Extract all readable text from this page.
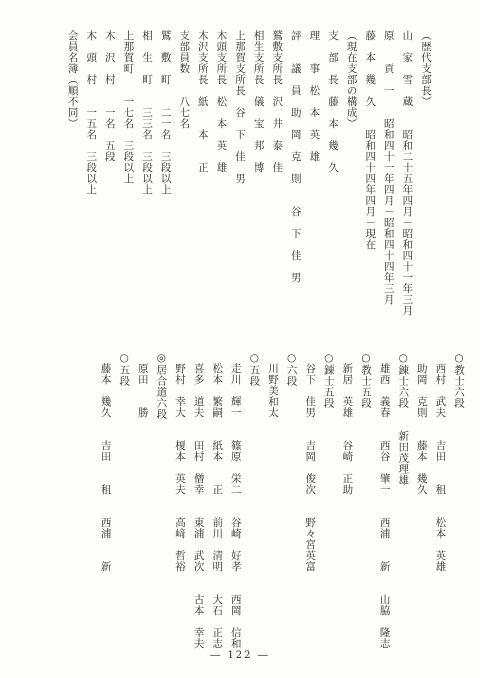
○教士六段
　西村　武夫　　吉田　　租　　松本　英雄
　助岡　克則　　藤本　幾久
○錬士六段　　新田茂理雄
　雄西　義春　　西谷　肇一　　西浦　　新　　山脇　隆志
○教士五段
　新居　英雄　　谷崎　正助
○錬士五段
　谷下　佳男　　吉岡　俊次　　野々宮英富
○六段
　川野美和太
○五段
　走川　輝一　　篠原　栄二　　谷崎　好孝　　西岡　信和
　松本　繁嗣　　紙本　　正　　前川　清明　　大石　正志
　喜多　道夫　　田村　僧幸　　東浦　武次　　古本　幸夫
　野村　幸大　　榎本　英夫　　高﨑　哲裕
◎居合道六段
　原田　　勝
○五段
　藤本　幾久　　吉田　　租　　西浦　　新
（歴代支部長）
山　家　雪　蔵　　昭和二十五年四月－昭和四十一年三月
原　　貢　一　　昭和四十一年四月－昭和四十四年三月
藤　本　幾　久　　昭和四十四年四月－現在
（現在支部の構成）
支　部　長　藤　本　幾　久
理　　事　松　本　英　雄
評　　議　員　助　岡　克　則　　谷　下　佳　男
鷲敷支所長　沢　井　泰　佳
相生支所長　儀　宝　邦　博
上那賀支所長　谷　下　佳　男
木頭支所長　松　本　英　雄
木沢支所長　紙　　本　　正
支部員数　　八七名
鷲　敷　町　　二一名　三段以上
相　生　町　　三三名　三段以上
上那賀町　　一七名　三段以上
木　沢　村　　一名　五段
木　頭　村　　一五名　三段以上
会員名簿（順不同）
― 122 ―
